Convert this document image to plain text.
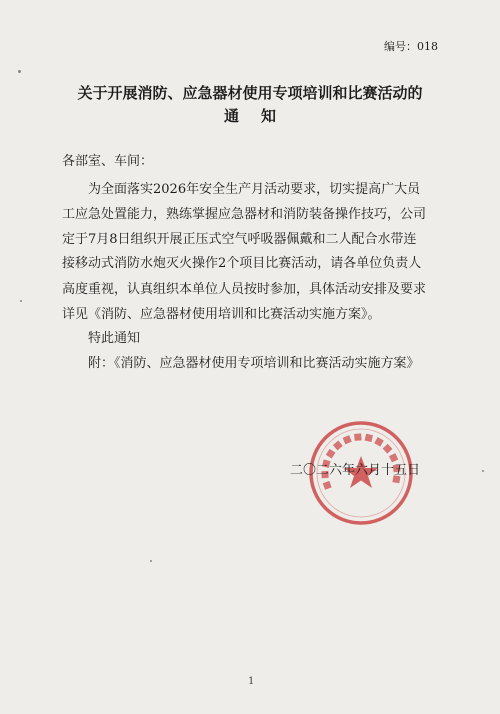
编号：018
关于开展消防、应急器材使用专项培训和比赛活动的
通知
各部室、车间：
为全面落实2026年安全生产月活动要求，切实提高广大员
工应急处置能力，熟练掌握应急器材和消防装备操作技巧，公司
定于7月8日组织开展正压式空气呼吸器佩戴和二人配合水带连
接移动式消防水炮灭火操作2个项目比赛活动，请各单位负责人
高度重视，认真组织本单位人员按时参加，具体活动安排及要求
详见《消防、应急器材使用培训和比赛活动实施方案》。
特此通知
附：《消防、应急器材使用专项培训和比赛活动实施方案》
二〇二六年六月十五日
1
